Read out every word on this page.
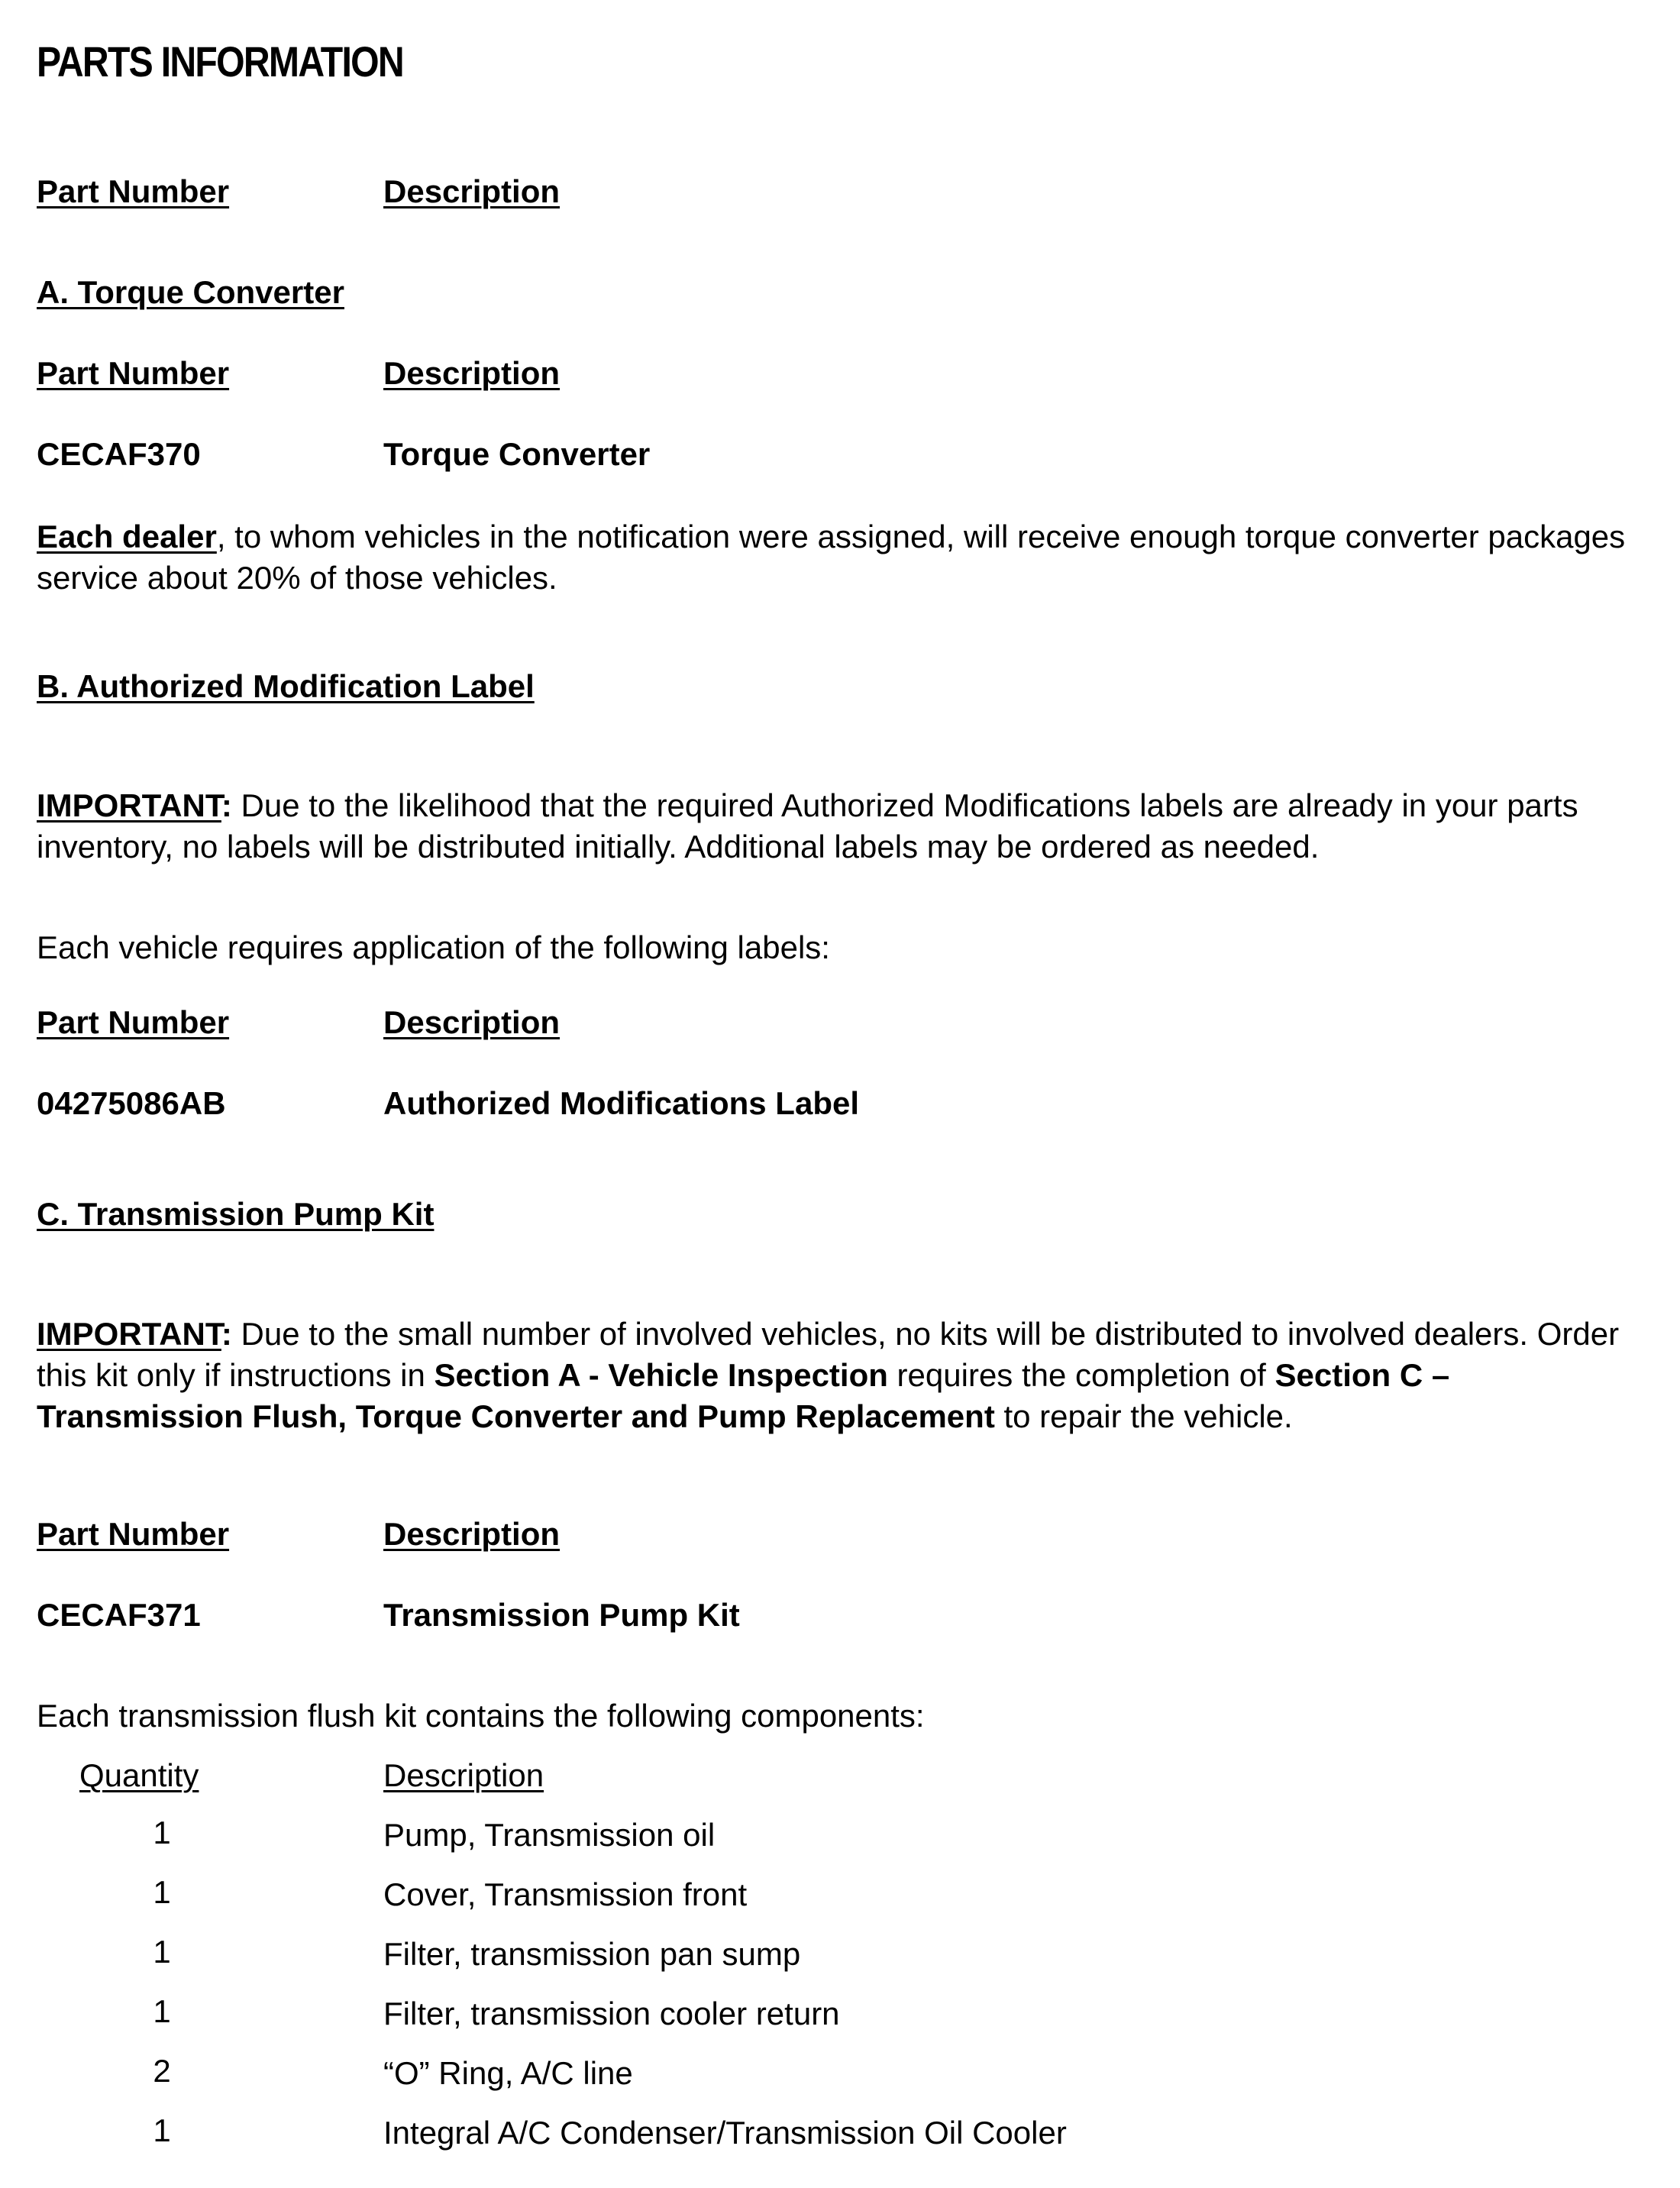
PARTS INFORMATION
Part Number	Description
A. Torque Converter
Part Number	Description
CECAF370	Torque Converter
Each dealer, to whom vehicles in the notification were assigned, will receive enough torque converter packages service about 20% of those vehicles.
B. Authorized Modification Label
IMPORTANT: Due to the likelihood that the required Authorized Modifications labels are already in your parts inventory, no labels will be distributed initially. Additional labels may be ordered as needed.
Each vehicle requires application of the following labels:
Part Number	Description
04275086AB	Authorized Modifications Label
C. Transmission Pump Kit
IMPORTANT: Due to the small number of involved vehicles, no kits will be distributed to involved dealers. Order this kit only if instructions in Section A - Vehicle Inspection requires the completion of Section C – Transmission Flush, Torque Converter and Pump Replacement to repair the vehicle.
Part Number	Description
CECAF371	Transmission Pump Kit
Each transmission flush kit contains the following components:
Quantity	Description
1	Pump, Transmission oil
1	Cover, Transmission front
1	Filter, transmission pan sump
1	Filter, transmission cooler return
2	“O” Ring, A/C line
1	Integral A/C Condenser/Transmission Oil Cooler
